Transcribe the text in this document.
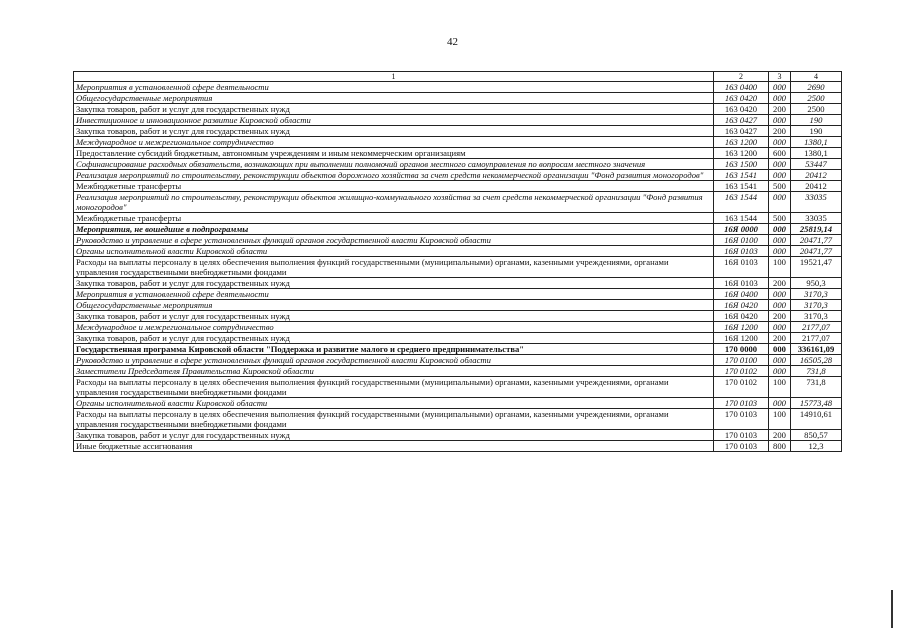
42
1	2	3	4
Мероприятия в установленной сфере деятельности	163 0400	000	2690
Общегосударственные мероприятия	163 0420	000	2500
Закупка товаров, работ и услуг для государственных нужд	163 0420	200	2500
Инвестиционное и инновационное развитие Кировской области	163 0427	000	190
Закупка товаров, работ и услуг для государственных нужд	163 0427	200	190
Международное и межрегиональное сотрудничество	163 1200	000	1380,1
Предоставление субсидий бюджетным, автономным учреждениям и иным некоммерческим организациям	163 1200	600	1380,1
Софинансирование расходных обязательств, возникающих при выполнении полномочий органов местного самоуправления по вопросам местного значения	163 1500	000	53447
Реализация мероприятий по строительству, реконструкции объектов дорожного хозяйства за счет средств некоммерческой организации "Фонд развития моногородов"	163 1541	000	20412
Межбюджетные трансферты	163 1541	500	20412
Реализация мероприятий по строительству, реконструкции объектов жилищно-коммунального хозяйства за счет средств некоммерческой организации "Фонд развития моногородов"	163 1544	000	33035
Межбюджетные трансферты	163 1544	500	33035
Мероприятия, не вошедшие в подпрограммы	16Я 0000	000	25819,14
Руководство и управление в сфере установленных функций органов государственной власти Кировской области	16Я 0100	000	20471,77
Органы исполнительной власти Кировской области	16Я 0103	000	20471,77
Расходы на выплаты персоналу в целях обеспечения выполнения функций государственными (муниципальными) органами, казенными учреждениями, органами управления государственными внебюджетными фондами	16Я 0103	100	19521,47
Закупка товаров, работ и услуг для государственных нужд	16Я 0103	200	950,3
Мероприятия в установленной сфере деятельности	16Я 0400	000	3170,3
Общегосударственные мероприятия	16Я 0420	000	3170,3
Закупка товаров, работ и услуг для государственных нужд	16Я 0420	200	3170,3
Международное и межрегиональное сотрудничество	16Я 1200	000	2177,07
Закупка товаров, работ и услуг для государственных нужд	16Я 1200	200	2177,07
Государственная программа Кировской области "Поддержка и развитие малого и среднего предпринимательства"	170 0000	000	336161,09
Руководство и управление в сфере установленных функций органов государственной власти Кировской области	170 0100	000	16505,28
Заместители Председателя Правительства Кировской области	170 0102	000	731,8
Расходы на выплаты персоналу в целях обеспечения выполнения функций государственными (муниципальными) органами, казенными учреждениями, органами управления государственными внебюджетными фондами	170 0102	100	731,8
Органы исполнительной власти Кировской области	170 0103	000	15773,48
Расходы на выплаты персоналу в целях обеспечения выполнения функций государственными (муниципальными) органами, казенными учреждениями, органами управления государственными внебюджетными фондами	170 0103	100	14910,61
Закупка товаров, работ и услуг для государственных нужд	170 0103	200	850,57
Иные бюджетные ассигнования	170 0103	800	12,3
